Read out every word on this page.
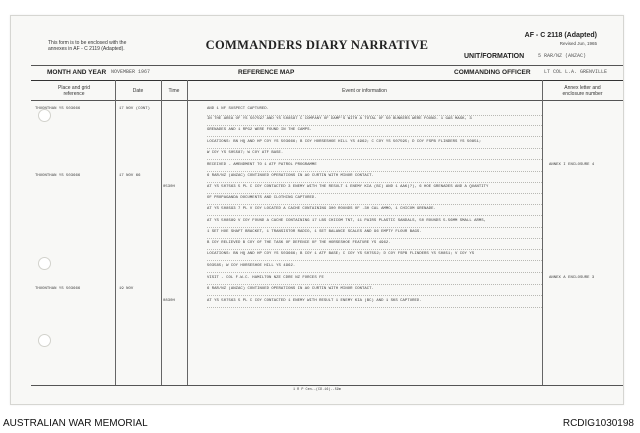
This form is to be enclosed with the
annexes in AF - C 2119 (Adapted).	COMMANDERS DIARY NARRATIVE
AF - C 2118 (Adapted)
Revised Jun, 1965
UNIT/FORMATION	5 RAR/NZ (ANZAC)
MONTH AND YEAR NOVEMBER 1967	REFERENCE MAP	COMMANDING OFFICER	LT COL L.A. GRENVILLE
Place and grid
reference	Date	Time	Event or information	Annex letter and
enclosure number
THUONTHAN YS 503666	17 NOV (CONT)	AND 1 NF SUSPECT CAPTURED.
IN THE AREA OF YS 507597 AND YS 508587 C COMPANY OF DAMP'S WITH A TOTAL OF 50 BUNKERS WERE FOUND. 1 GAS MASK, 3
GRENADES AND 1 RPG2 WERE FOUND IN THE CAMPS.
LOCATIONS: BN HQ AND HP COY YS 503666; B COY HORSESHOE HILL YS 4962; C COY YS 507595; D COY FSPB FLINDERS YS 50851;
W COY YS 505587; W COY ATF BASE.
RECEIVED - AMENDMENT TO 1 ATF PATROL PROGRAMME	ANNEX I ENCLOSURE 4
THUONTHAN YS 503666	17 NOV 66	6 RAR/NZ (ANZAC) CONTINUED OPERATIONS IN AO CURTIN WITH MINOR CONTACT.
0530H	AT YS 507563 5 PL C COY CONTACTED 3 ENEMY WITH THE RESULT 1 ENEMY KIA (BC) AND 1 AAK(?), 6 HOE GRENADES AND A QUANTITY
OF PROPAGANDA DOCUMENTS AND CLOTHING CAPTURED.
AT YS 508593 7 PL V COY LOCATED A CACHE CONTAINING 300 ROUNDS OF .30 CAL AMMO, 1 CHICOM GRENADE.
AT YS 508589 V COY FOUND A CACHE CONTAINING 17 LBS CHICOM TNT, 11 PAIRS PLASTIC SANDALS, 50 ROUNDS 5.56MM SMALL ARMS,
1 SET HOE SHAFT BRACKET, 1 TRANSISTOR RADIO, 1 SET BALANCE SCALES AND 96 EMPTY FLOUR BAGS.
B COY RELIEVED B COY OF THE TASK OF DEFENCE OF THE HORSESHOE FEATURE YS 4962.
LOCATIONS: BN HQ AND HP COY YS 503666; B COY 1 ATF BASE; C COY YS 507552; D COY FSPB FLINDERS YS 50851; V COY YS
503585; W COY HORSESHOE HILL YS 4962.
VISIT - COL F.W.C. HAMILTON NZE CDRE NZ FORCES FE	ANNEX A ENCLOSURE 3
THUONTHAN YS 503666	19 NOV	6 RAR/NZ (ANZAC) CONTINUED OPERATIONS IN AO CURTIN WITH MINOR CONTACT.
0830H	AT YS 507563 5 PL C COY CONTACTED 1 ENEMY WITH RESULT 1 ENEMY KIA (BC) AND 1 SKS CAPTURED.
1 R P Cen--(CD.16)--59m
AUSTRALIAN WAR MEMORIAL	RCDIG1030198
